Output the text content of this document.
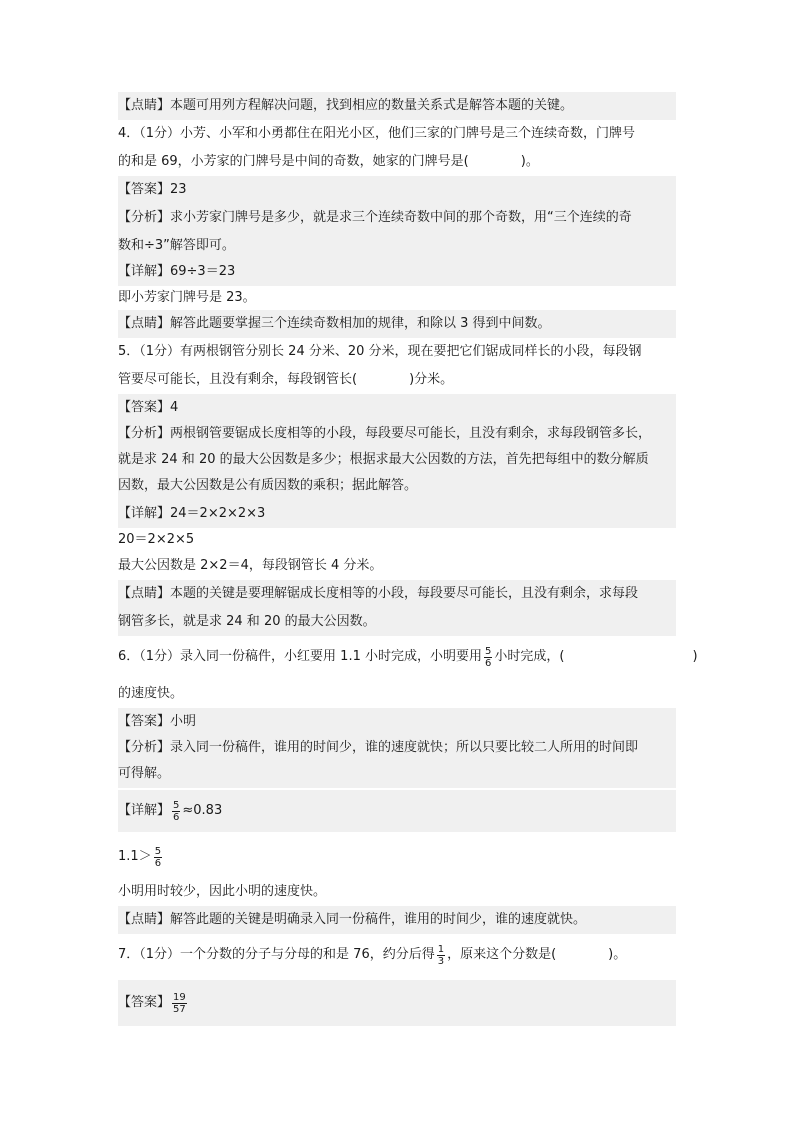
【点睛】本题可用列方程解决问题，找到相应的数量关系式是解答本题的关键。
4．（1分）小芳、小军和小勇都住在阳光小区，他们三家的门牌号是三个连续奇数，门牌号
的和是 69，小芳家的门牌号是中间的奇数，她家的门牌号是(　　　　)。
【答案】23
【分析】求小芳家门牌号是多少，就是求三个连续奇数中间的那个奇数，用“三个连续的奇
数和÷3”解答即可。
【详解】69÷3＝23
即小芳家门牌号是 23。
【点睛】解答此题要掌握三个连续奇数相加的规律，和除以 3 得到中间数。
5．（1分）有两根钢管分别长 24 分米、20 分米，现在要把它们锯成同样长的小段，每段钢
管要尽可能长，且没有剩余，每段钢管长(　　　　)分米。
【答案】4
【分析】两根钢管要锯成长度相等的小段，每段要尽可能长，且没有剩余，求每段钢管多长，
就是求 24 和 20 的最大公因数是多少；根据求最大公因数的方法，首先把每组中的数分解质
因数，最大公因数是公有质因数的乘积；据此解答。
【详解】24＝2×2×2×3
20＝2×2×5
最大公因数是 2×2＝4，每段钢管长 4 分米。
【点睛】本题的关键是要理解锯成长度相等的小段，每段要尽可能长，且没有剩余，求每段
钢管多长，就是求 24 和 20 的最大公因数。
6．（1分）录入同一份稿件，小红要用 1.1 小时完成，小明要用 $\frac{5}{6}$ 小时完成，(	)
的速度快。
【答案】小明
【分析】录入同一份稿件，谁用的时间少，谁的速度就快；所以只要比较二人所用的时间即
可得解。
【详解】 $\frac{5}{6} \approx 0.83$
$1.1> \frac{5}{6}$
小明用时较少，因此小明的速度快。
【点睛】解答此题的关键是明确录入同一份稿件，谁用的时间少，谁的速度就快。
7．（1分）一个分数的分子与分母的和是 76，约分后得 $\frac{1}{3}$ ，原来这个分数是(　　　　)。
【答案】 $\frac{19}{57}$
